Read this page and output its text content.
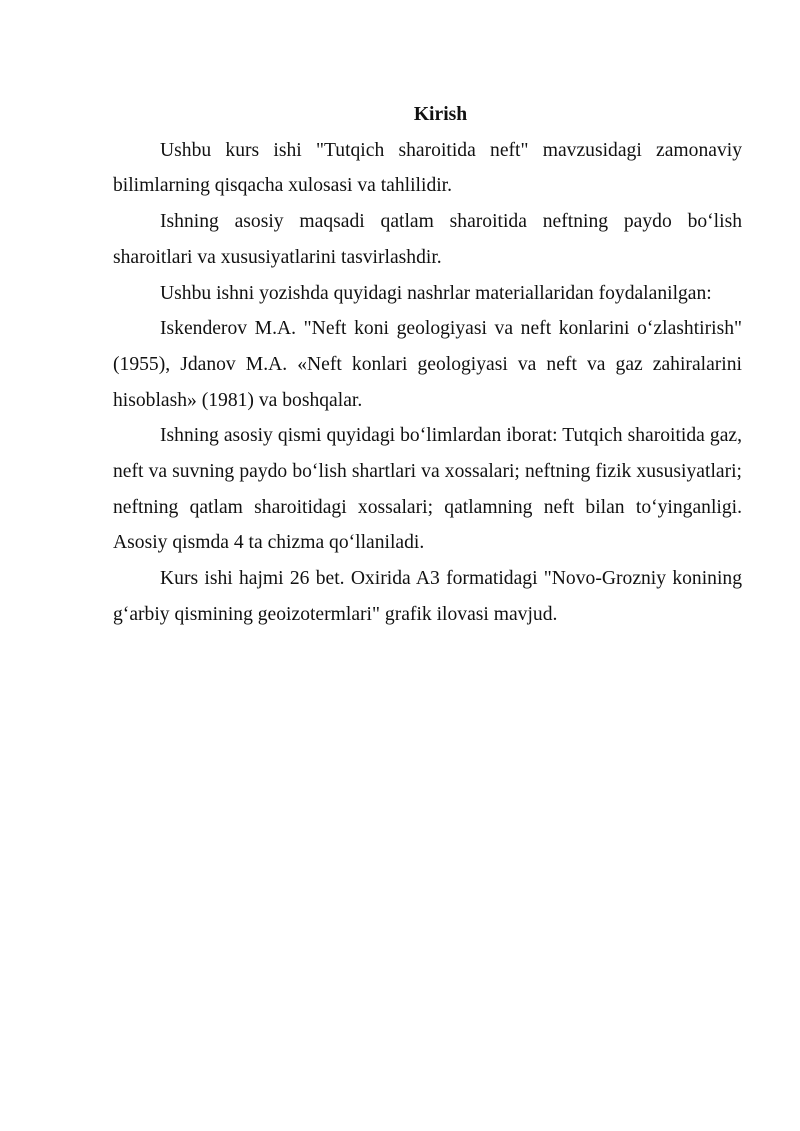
Kirish

Ushbu kurs ishi "Tutqich sharoitida neft" mavzusidagi zamonaviy bilimlarning qisqacha xulosasi va tahlilidir.

Ishning asosiy maqsadi qatlam sharoitida neftning paydo bo‘lish sharoitlari va xususiyatlarini tasvirlashdir.

Ushbu ishni yozishda quyidagi nashrlar materiallaridan foydalanilgan:

Iskenderov M.A. "Neft koni geologiyasi va neft konlarini o‘zlashtirish" (1955), Jdanov M.A. «Neft konlari geologiyasi va neft va gaz zahiralarini hisoblash» (1981) va boshqalar.

Ishning asosiy qismi quyidagi bo‘limlardan iborat: Tutqich sharoitida gaz, neft va suvning paydo bo‘lish shartlari va xossalari; neftning fizik xususiyatlari; neftning qatlam sharoitidagi xossalari; qatlamning neft bilan to‘yinganligi. Asosiy qismda 4 ta chizma qo‘llaniladi.

Kurs ishi hajmi 26 bet. Oxirida A3 formatidagi "Novo-Grozniy konining g‘arbiy qismining geoizotermlari" grafik ilovasi mavjud.
